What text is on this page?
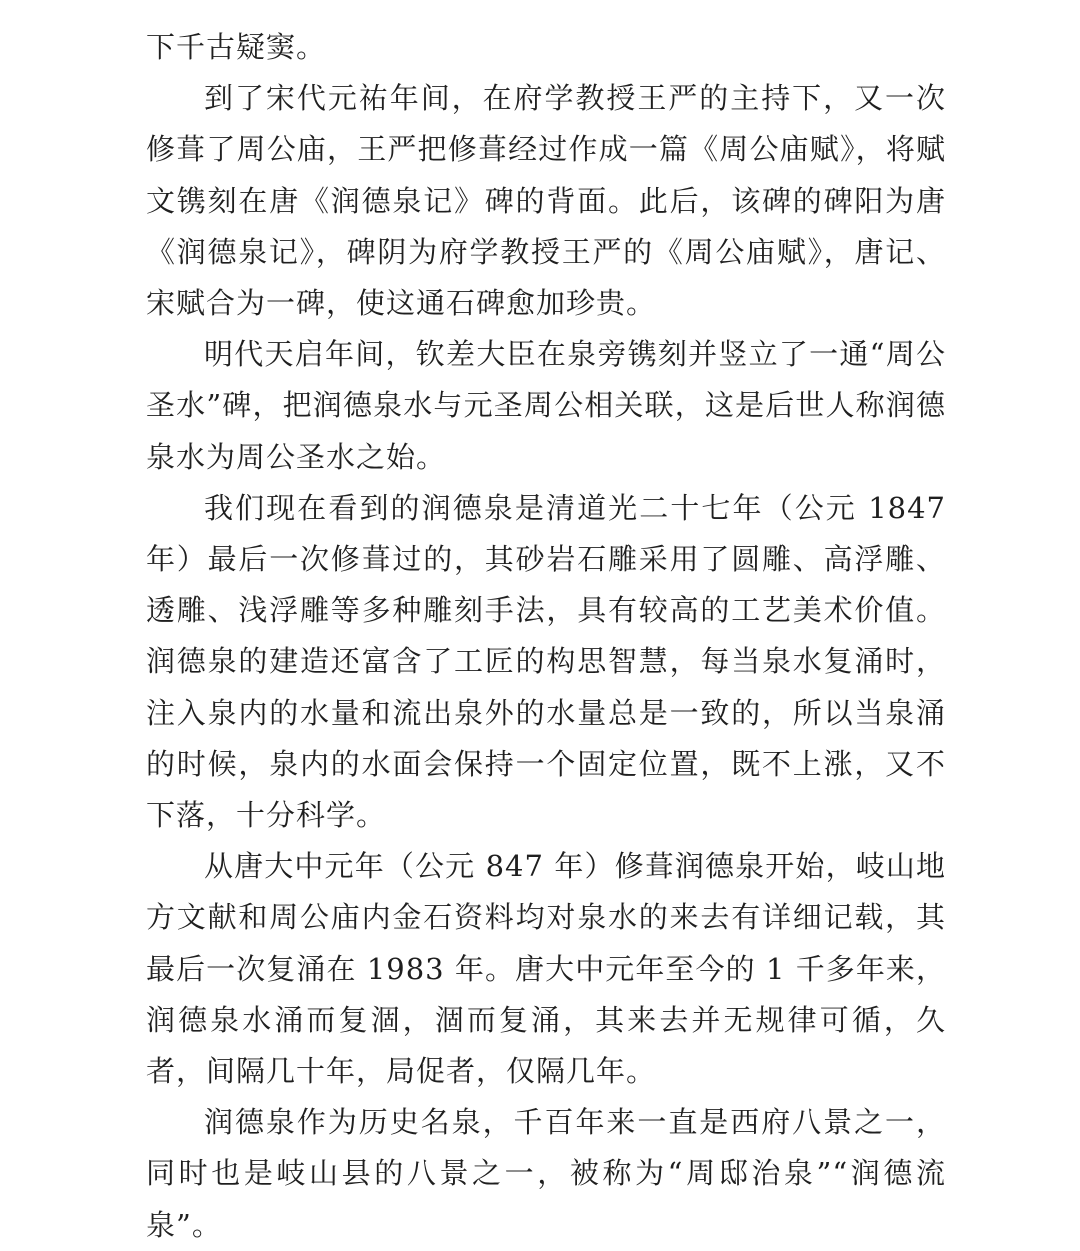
下千古疑窦。

到了宋代元祐年间，在府学教授王严的主持下，又一次修葺了周公庙，王严把修葺经过作成一篇《周公庙赋》，将赋文镌刻在唐《润德泉记》碑的背面。此后，该碑的碑阳为唐《润德泉记》，碑阴为府学教授王严的《周公庙赋》，唐记、宋赋合为一碑，使这通石碑愈加珍贵。

明代天启年间，钦差大臣在泉旁镌刻并竖立了一通“周公圣水”碑，把润德泉水与元圣周公相关联，这是后世人称润德泉水为周公圣水之始。

我们现在看到的润德泉是清道光二十七年（公元 1847 年）最后一次修葺过的，其砂岩石雕采用了圆雕、高浮雕、透雕、浅浮雕等多种雕刻手法，具有较高的工艺美术价值。润德泉的建造还富含了工匠的构思智慧，每当泉水复涌时，注入泉内的水量和流出泉外的水量总是一致的，所以当泉涌的时候，泉内的水面会保持一个固定位置，既不上涨，又不下落，十分科学。

从唐大中元年（公元 847 年）修葺润德泉开始，岐山地方文献和周公庙内金石资料均对泉水的来去有详细记载，其最后一次复涌在 1983 年。唐大中元年至今的 1 千多年来，润德泉水涌而复涸，涸而复涌，其来去并无规律可循，久者，间隔几十年，局促者，仅隔几年。

润德泉作为历史名泉，千百年来一直是西府八景之一，同时也是岐山县的八景之一，被称为“周邸治泉”“润德流泉”。
